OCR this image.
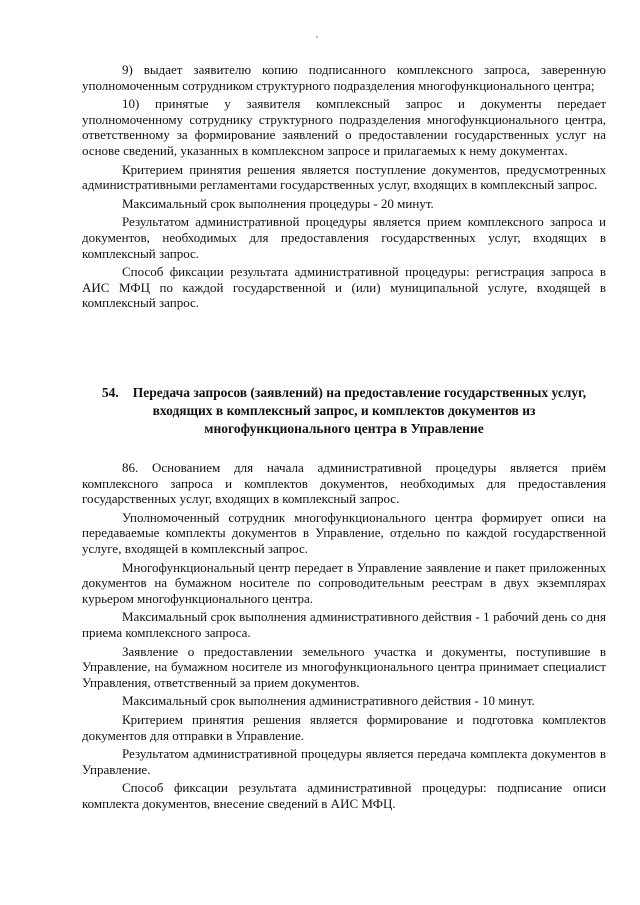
9) выдает заявителю копию подписанного комплексного запроса, заверенную уполномоченным сотрудником структурного подразделения многофункционального центра;

10) принятые у заявителя комплексный запрос и документы передает уполномоченному сотруднику структурного подразделения многофункционального центра, ответственному за формирование заявлений о предоставлении государственных услуг на основе сведений, указанных в комплексном запросе и прилагаемых к нему документах.

Критерием принятия решения является поступление документов, предусмотренных административными регламентами государственных услуг, входящих в комплексный запрос.

Максимальный срок выполнения процедуры - 20 минут.

Результатом административной процедуры является прием комплексного запроса и документов, необходимых для предоставления государственных услуг, входящих в комплексный запрос.

Способ фиксации результата административной процедуры: регистрация запроса в АИС МФЦ по каждой государственной и (или) муниципальной услуге, входящей в комплексный запрос.

54. Передача запросов (заявлений) на предоставление государственных услуг, входящих в комплексный запрос, и комплектов документов из многофункционального центра в Управление

86. Основанием для начала административной процедуры является приём комплексного запроса и комплектов документов, необходимых для предоставления государственных услуг, входящих в комплексный запрос.

Уполномоченный сотрудник многофункционального центра формирует описи на передаваемые комплекты документов в Управление, отдельно по каждой государственной услуге, входящей в комплексный запрос.

Многофункциональный центр передает в Управление заявление и пакет приложенных документов на бумажном носителе по сопроводительным реестрам в двух экземплярах курьером многофункционального центра.

Максимальный срок выполнения административного действия - 1 рабочий день со дня приема комплексного запроса.

Заявление о предоставлении земельного участка и документы, поступившие в Управление, на бумажном носителе из многофункционального центра принимает специалист Управления, ответственный за прием документов.

Максимальный срок выполнения административного действия - 10 минут.

Критерием принятия решения является формирование и подготовка комплектов документов для отправки в Управление.

Результатом административной процедуры является передача комплекта документов в Управление.

Способ фиксации результата административной процедуры: подписание описи комплекта документов, внесение сведений в АИС МФЦ.
